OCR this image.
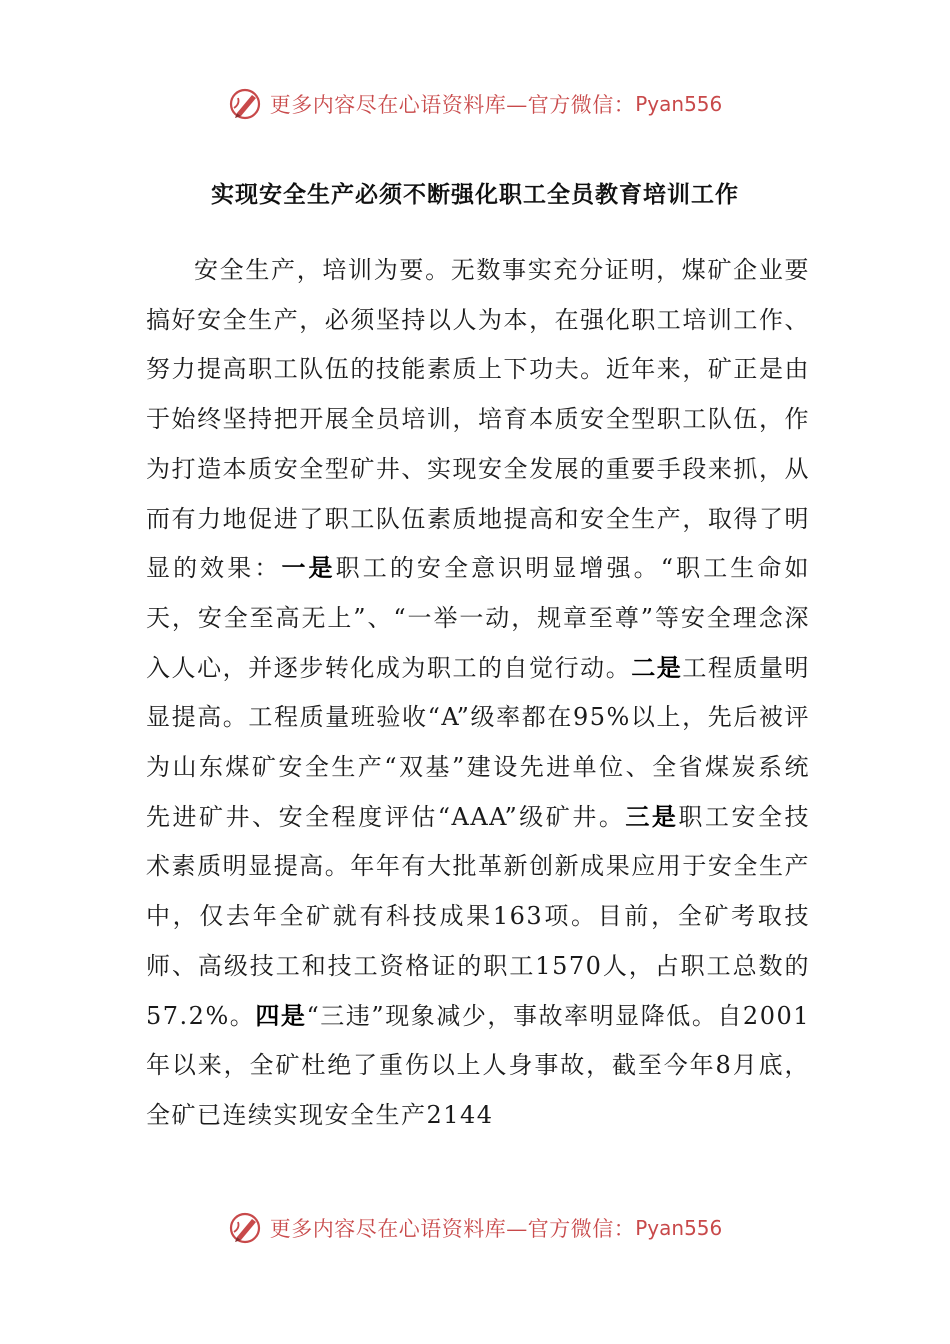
更多内容尽在心语资料库—官方微信： Pyan556
实现安全生产必须不断强化职工全员教育培训工作

安全生产，培训为要。无数事实充分证明，煤矿企业要搞好安全生产，必须坚持以人为本，在强化职工培训工作、努力提高职工队伍的技能素质上下功夫。近年来，矿正是由于始终坚持把开展全员培训，培育本质安全型职工队伍，作为打造本质安全型矿井、实现安全发展的重要手段来抓，从而有力地促进了职工队伍素质地提高和安全生产，取得了明显的效果：一是职工的安全意识明显增强。“职工生命如天，安全至高无上”、“一举一动，规章至尊”等安全理念深入人心，并逐步转化成为职工的自觉行动。二是工程质量明显提高。工程质量班验收“A”级率都在95%以上，先后被评为山东煤矿安全生产“双基”建设先进单位、全省煤炭系统先进矿井、安全程度评估“AAA”级矿井。三是职工安全技术素质明显提高。年年有大批革新创新成果应用于安全生产中，仅去年全矿就有科技成果163项。目前，全矿考取技师、高级技工和技工资格证的职工1570人，占职工总数的57.2%。四是“三违”现象减少，事故率明显降低。自2001年以来，全矿杜绝了重伤以上人身事故，截至今年8月底，全矿已连续实现安全生产2144

更多内容尽在心语资料库—官方微信： Pyan556
